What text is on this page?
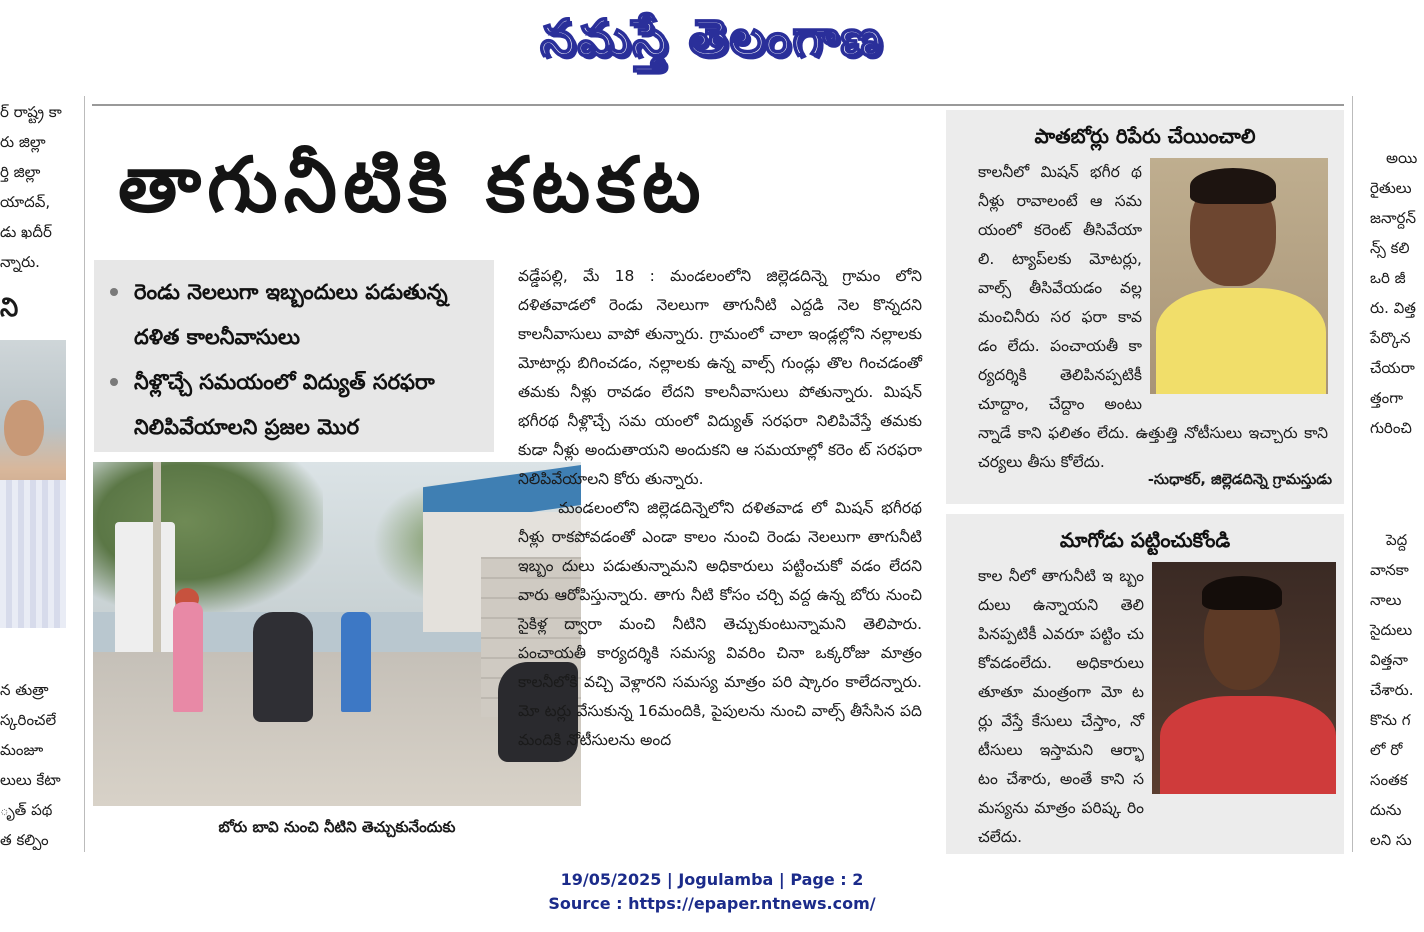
నమస్తే తెలంగాణ
ర్ రాష్ట్ర కా
రు జిల్లా
ర్తి జిల్లా
యాదవ్,
డు ఖదీర్
న్నారు.
ని
న తుత్రా
స్కరించలే
మంజూ
లులు కేటా
ృత్ పథ
త కల్పిం
అయి
రైతులు
జనార్దన్
న్స్ కలి
ఒరి జీ
రు. విత్త
పేర్కొన
చేయరా
త్తంగా
గురించి
పెద్ద
వానకా
నాలు
సైదులు
విత్తనా
చేశారు.
కొను గ
లో రో
సంతక
దును
లని సు
తాగునీటికి కటకట
రెండు నెలలుగా ఇబ్బందులు పడుతున్న దళిత కాలనీవాసులు
నీళ్లొచ్చే సమయంలో విద్యుత్ సరఫరా నిలిపివేయాలని ప్రజల మొర
బోరు బావి నుంచి నీటిని తెచ్చుకునేందుకు

వడ్డేపల్లి, మే 18 : మండలంలోని జిల్లెడదిన్నె గ్రామం లోని దళితవాడలో రెండు నెలలుగా తాగునీటి ఎద్దడి నెల కొన్నదని కాలనీవాసులు వాపో తున్నారు. గ్రామంలో చాలా ఇండ్లల్లోని నల్లాలకు మోటార్లు బిగించడం, నల్లాలకు ఉన్న వాల్స్ గుండ్లు తొల గించడంతో తమకు నీళ్లు రావడం లేదని కాలనీవాసులు పోతున్నారు. మిషన్ భగీరథ నీళ్లొచ్చే సమ యంలో విద్యుత్ సరఫరా నిలిపివేస్తే తమకు కుడా నీళ్లు అందుతాయని అందుకని ఆ సమయాల్లో కరెం ట్ సరఫరా నిలిపివేయాలని కోరు తున్నారు.

మండలంలోని జిల్లెడదిన్నెలోని దళితవాడ లో మిషన్ భగీరథ నీళ్లు రాకపోవడంతో ఎండా కాలం నుంచి రెండు నెలలుగా తాగునీటి ఇబ్బం దులు పడుతున్నామని అధికారులు పట్టించుకో వడం లేదని వారు ఆరోపిస్తున్నారు. తాగు నీటి కోసం చర్చి వద్ద ఉన్న బోరు నుంచి సైకిళ్ల ద్వారా మంచి నీటిని తెచ్చుకుంటున్నామని తెలిపారు. పంచాయతీ కార్యదర్శికి సమస్య వివరిం చినా ఒక్కరోజు మాత్రం కాలనీలోకి వచ్చి వెళ్లారని సమస్య మాత్రం పరి ష్కారం కాలేదన్నారు. మో టర్లు వేసుకున్న 16మందికి, పైపులను నుంచి వాల్స్ తీసేసిన పది మందికి నోటీసులను అంద

పాతబోర్లు రిపేరు చేయించాలి

కాలనీలో మిషన్ భగీర థ నీళ్లు రావాలంటే ఆ సమ యంలో కరెంట్ తీసివేయా లి. ట్యాప్‌లకు మోటర్లు, వాల్స్ తీసివేయడం వల్ల మంచినీరు సర ఫరా కావ డం లేదు. పంచాయతీ కా ర్యదర్శికి తెలిపినప్పటికీ చూద్దాం, చేద్దాం అంటు న్నాడే కాని ఫలితం లేదు. ఉత్తుత్తి నోటీసులు ఇచ్చారు కాని చర్యలు తీసు కోలేదు.

-సుధాకర్, జిల్లెడదిన్నె గ్రామస్తుడు
మాగోడు పట్టించుకోండి

కాల నీలో తాగునీటి ఇ బ్బం దులు ఉన్నాయని తెలి పినప్పటికీ ఎవరూ పట్టిం చు కోవడంలేదు. అధికారులు తూతూ మంత్రంగా మో ట ర్లు వేస్తే కేసులు చేస్తాం, నో టీసులు ఇస్తామని ఆర్భా టం చేశారు, అంతే కాని స మస్యను మాత్రం పరిష్క రిం చలేదు.

19/05/2025 | Jogulamba | Page : 2
Source : https://epaper.ntnews.com/
